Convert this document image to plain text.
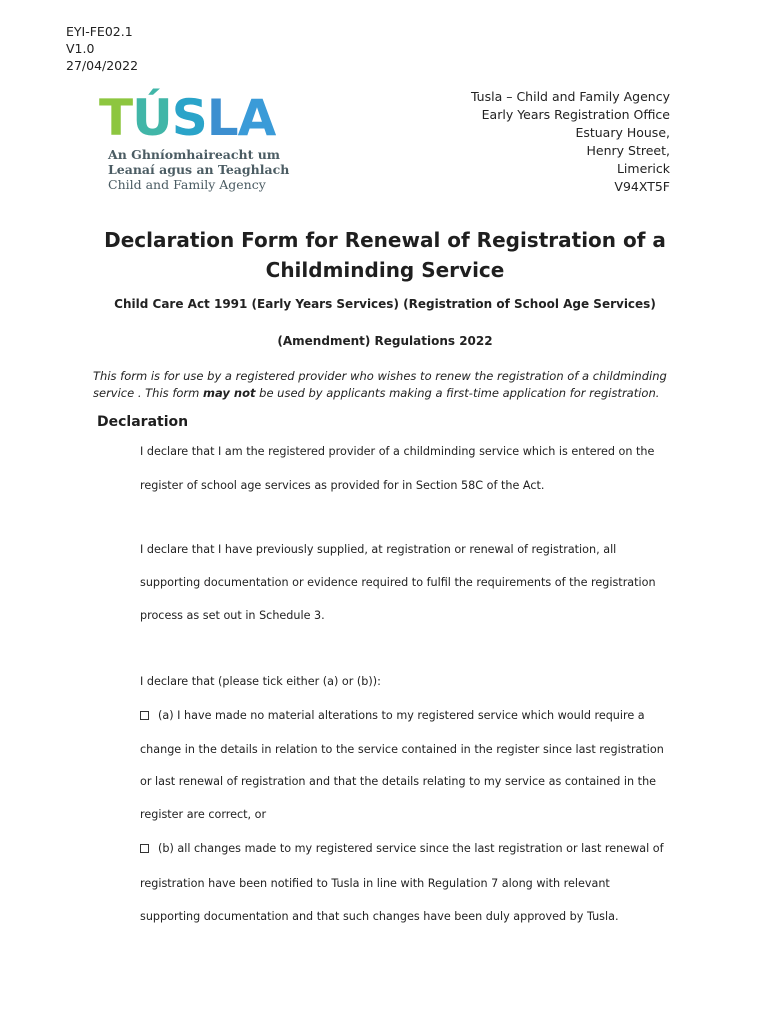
EYI-FE02.1
V1.0
27/04/2022
TÚSLA
An Ghníomhaireacht um
Leanaí agus an Teaghlach
Child and Family Agency
Tusla – Child and Family Agency
Early Years Registration Office
Estuary House,
Henry Street,
Limerick
V94XT5F
Declaration Form for Renewal of Registration of a
Childminding Service
Child Care Act 1991 (Early Years Services) (Registration of School Age Services)
(Amendment) Regulations 2022
This form is for use by a registered provider who wishes to renew the registration of a childminding service . This form may not be used by applicants making a first-time application for registration.
Declaration
I declare that I am the registered provider of a childminding service which is entered on the
register of school age services as provided for in Section 58C of the Act.
I declare that I have previously supplied, at registration or renewal of registration, all
supporting documentation or evidence required to fulfil the requirements of the registration
process as set out in Schedule 3.
I declare that (please tick either (a) or (b)):
(a) I have made no material alterations to my registered service which would require a
change in the details in relation to the service contained in the register since last registration
or last renewal of registration and that the details relating to my service as contained in the
register are correct, or
(b) all changes made to my registered service since the last registration or last renewal of
registration have been notified to Tusla in line with Regulation 7 along with relevant
supporting documentation and that such changes have been duly approved by Tusla.
